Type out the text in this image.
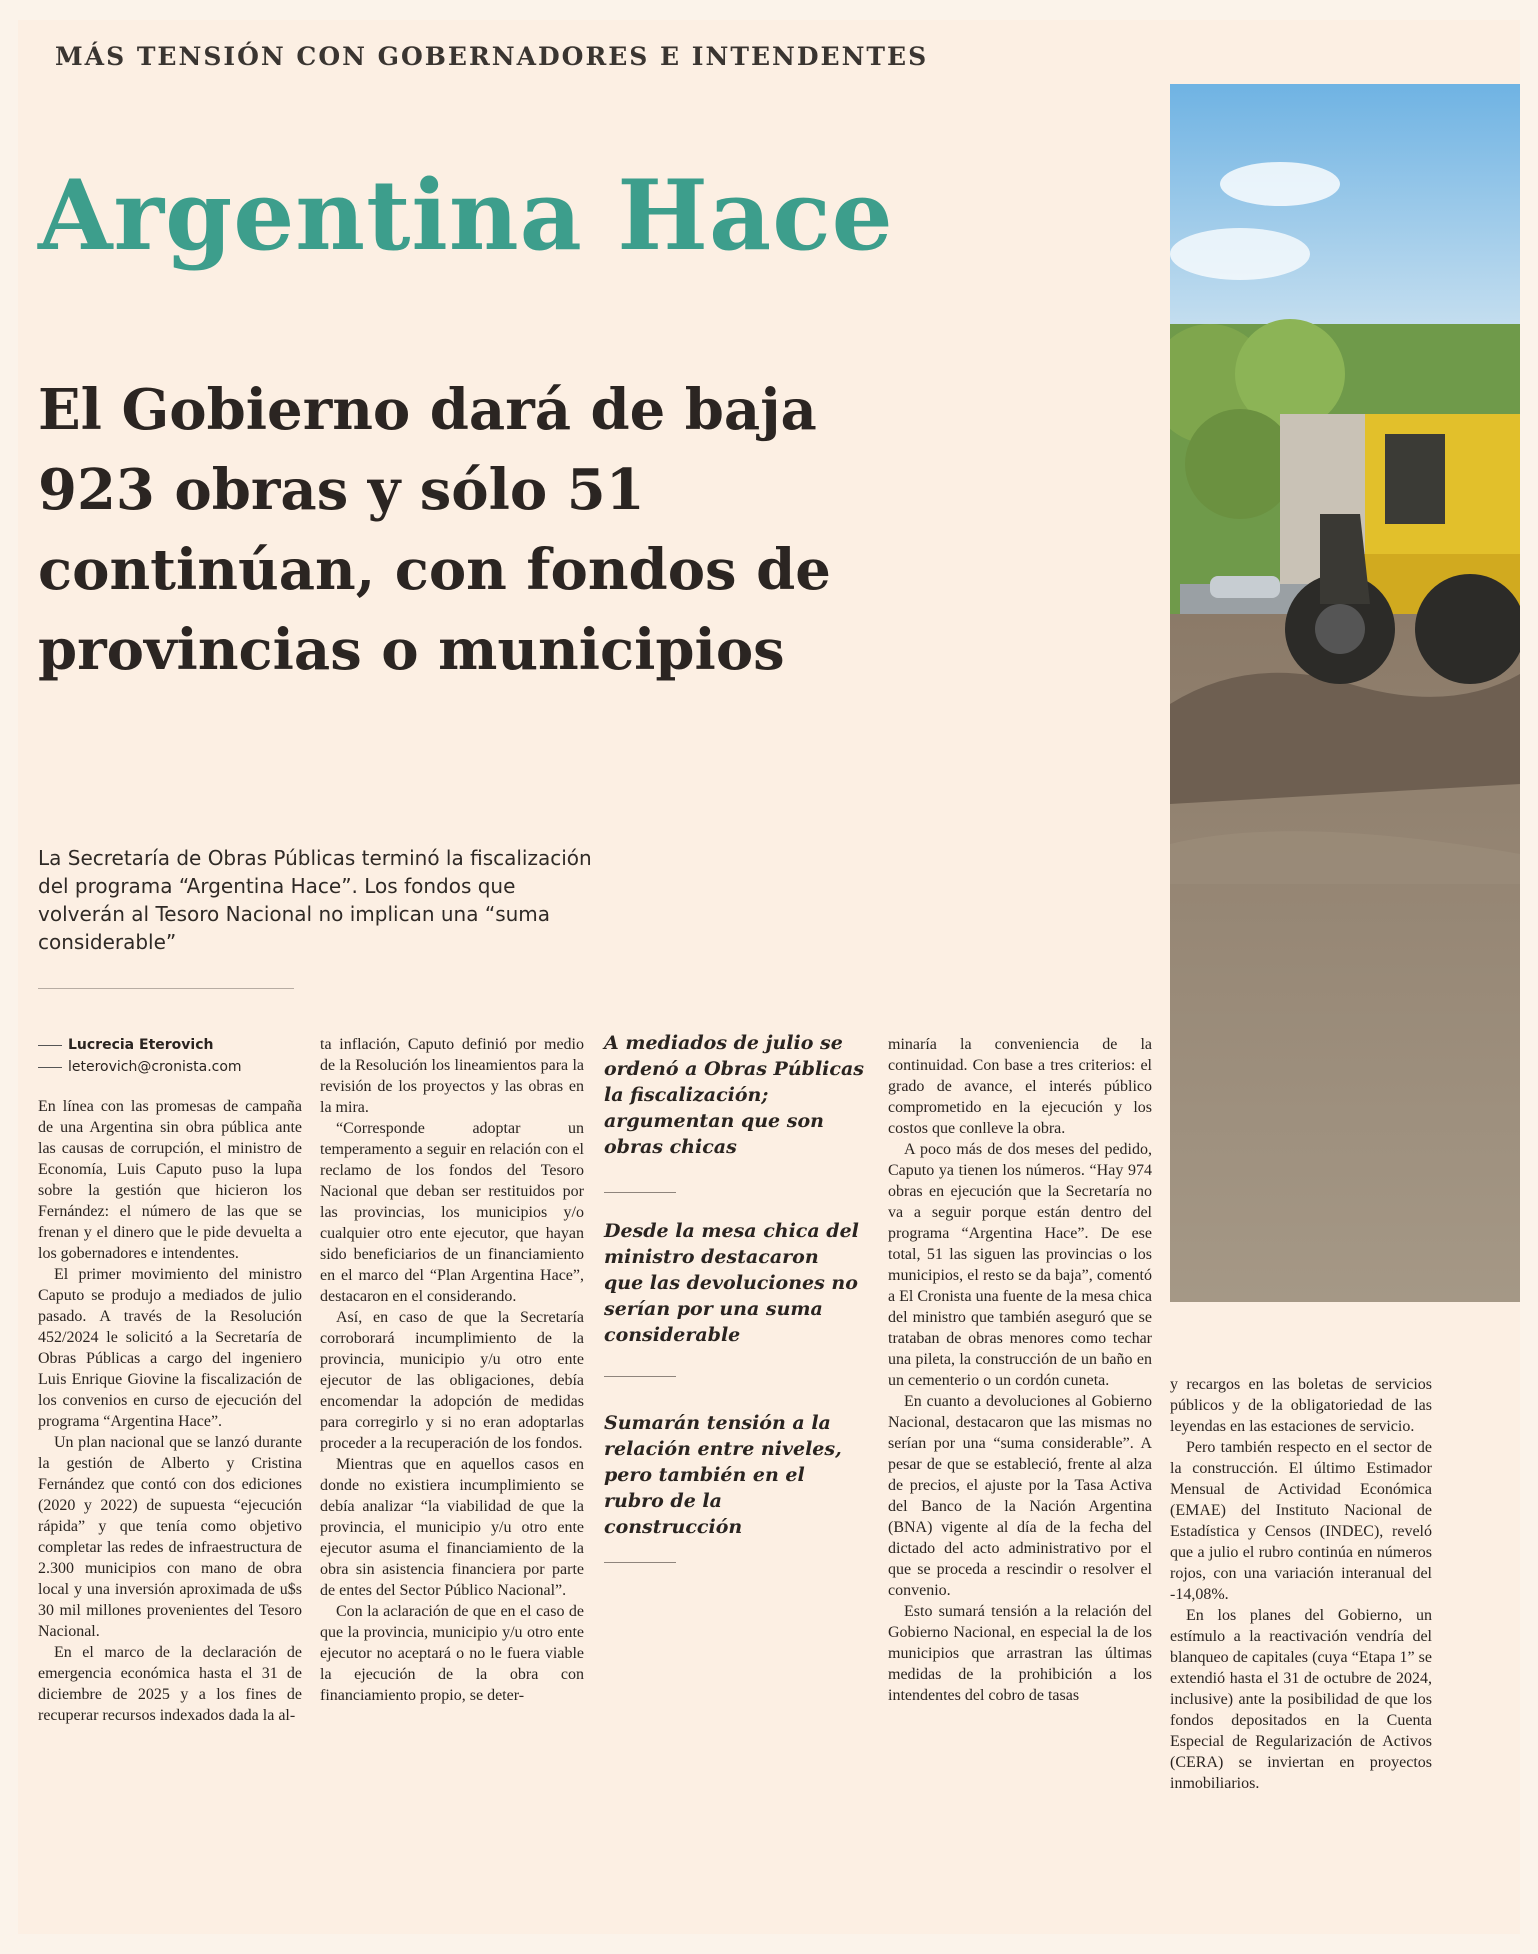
MÁS TENSIÓN CON GOBERNADORES E INTENDENTES
Argentina Hace
El Gobierno dará de baja
923 obras y sólo 51
continúan, con fondos de
provincias o municipios
La Secretaría de Obras Públicas terminó la fiscalización del programa “Argentina Hace”. Los fondos que volverán al Tesoro Nacional no implican una “suma considerable”
Lucrecia Eterovich
leterovich@cronista.com

En línea con las promesas de campaña de una Argentina sin obra pública ante las causas de corrupción, el ministro de Economía, Luis Caputo puso la lupa sobre la gestión que hicieron los Fernández: el número de las que se frenan y el dinero que le pide devuelta a los gobernadores e intendentes.

El primer movimiento del ministro Caputo se produjo a mediados de julio pasado. A través de la Resolución 452/2024 le solicitó a la Secretaría de Obras Públicas a cargo del ingeniero Luis Enrique Giovine la fiscalización de los convenios en curso de ejecución del programa “Argentina Hace”.

Un plan nacional que se lanzó durante la gestión de Alberto y Cristina Fernández que contó con dos ediciones (2020 y 2022) de supuesta “ejecución rápida” y que tenía como objetivo completar las redes de infraestructura de 2.300 municipios con mano de obra local y una inversión aproximada de u$s 30 mil millones provenientes del Tesoro Nacional.

En el marco de la declaración de emergencia económica hasta el 31 de diciembre de 2025 y a los fines de recuperar recursos indexados dada la al-

ta inflación, Caputo definió por medio de la Resolución los lineamientos para la revisión de los proyectos y las obras en la mira.

“Corresponde adoptar un temperamento a seguir en relación con el reclamo de los fondos del Tesoro Nacional que deban ser restituidos por las provincias, los municipios y/o cualquier otro ente ejecutor, que hayan sido beneficiarios de un financiamiento en el marco del “Plan Argentina Hace”, destacaron en el considerando.

Así, en caso de que la Secretaría corroborará incumplimiento de la provincia, municipio y/u otro ente ejecutor de las obligaciones, debía encomendar la adopción de medidas para corregirlo y si no eran adoptarlas proceder a la recuperación de los fondos.

Mientras que en aquellos casos en donde no existiera incumplimiento se debía analizar “la viabilidad de que la provincia, el municipio y/u otro ente ejecutor asuma el financiamiento de la obra sin asistencia financiera por parte de entes del Sector Público Nacional”.

Con la aclaración de que en el caso de que la provincia, municipio y/u otro ente ejecutor no aceptará o no le fuera viable la ejecución de la obra con financiamiento propio, se deter-

A mediados de julio se ordenó a Obras Públicas la fiscalización; argumentan que son obras chicas
Desde la mesa chica del ministro destacaron que las devoluciones no serían por una suma considerable
Sumarán tensión a la relación entre niveles, pero también en el rubro de la construcción

minaría la conveniencia de la continuidad. Con base a tres criterios: el grado de avance, el interés público comprometido en la ejecución y los costos que conlleve la obra.

A poco más de dos meses del pedido, Caputo ya tienen los números. “Hay 974 obras en ejecución que la Secretaría no va a seguir porque están dentro del programa “Argentina Hace”. De ese total, 51 las siguen las provincias o los municipios, el resto se da baja”, comentó a El Cronista una fuente de la mesa chica del ministro que también aseguró que se trataban de obras menores como techar una pileta, la construcción de un baño en un cementerio o un cordón cuneta.

En cuanto a devoluciones al Gobierno Nacional, destacaron que las mismas no serían por una “suma considerable”. A pesar de que se estableció, frente al alza de precios, el ajuste por la Tasa Activa del Banco de la Nación Argentina (BNA) vigente al día de la fecha del dictado del acto administrativo por el que se proceda a rescindir o resolver el convenio.

Esto sumará tensión a la relación del Gobierno Nacional, en especial la de los municipios que arrastran las últimas medidas de la prohibición a los intendentes del cobro de tasas

y recargos en las boletas de servicios públicos y de la obligatoriedad de las leyendas en las estaciones de servicio.

Pero también respecto en el sector de la construcción. El último Estimador Mensual de Actividad Económica (EMAE) del Instituto Nacional de Estadística y Censos (INDEC), reveló que a julio el rubro continúa en números rojos, con una variación interanual del -14,08%.

En los planes del Gobierno, un estímulo a la reactivación vendría del blanqueo de capitales (cuya “Etapa 1” se extendió hasta el 31 de octubre de 2024, inclusive) ante la posibilidad de que los fondos depositados en la Cuenta Especial de Regularización de Activos (CERA) se inviertan en proyectos inmobiliarios.
